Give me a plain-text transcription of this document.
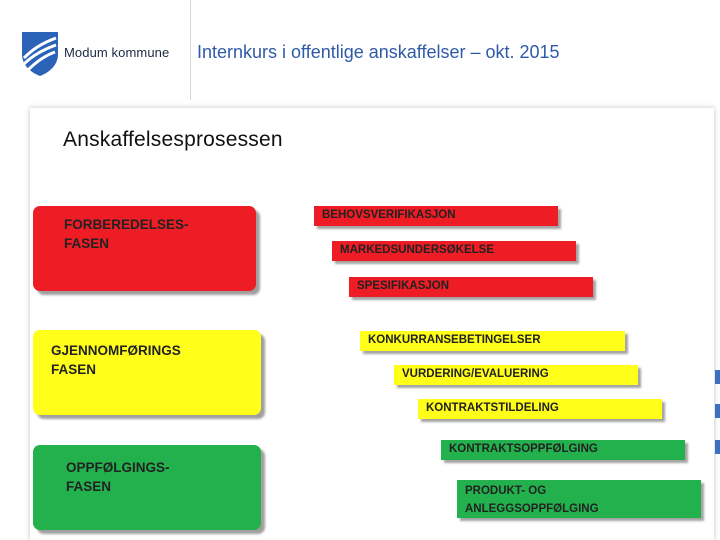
Modum kommune Internkurs i offentlige anskaffelser – okt. 2015
Anskaffelsesprosessen
FORBEREDELSES-
FASEN
GJENNOMFØRINGS
FASEN
OPPFØLGINGS-
FASEN
BEHOVSVERIFIKASJON
MARKEDSUNDERSØKELSE
SPESIFIKASJON
KONKURRANSEBETINGELSER
VURDERING/EVALUERING
KONTRAKTSTILDELING
KONTRAKTSOPPFØLGING
PRODUKT- OG
ANLEGGSOPPFØLGING
